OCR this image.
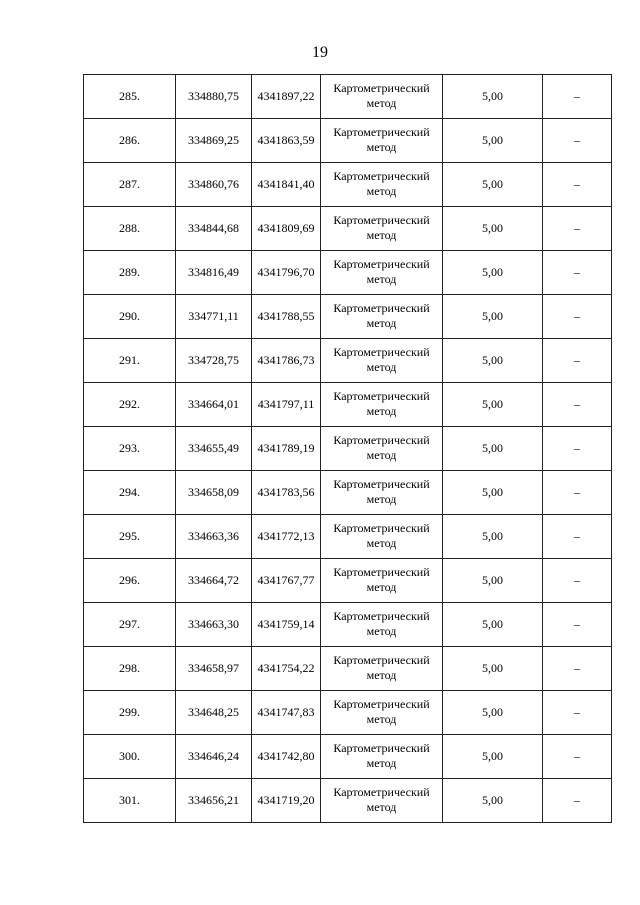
19
285.	334880,75	4341897,22	Картометрический метод	5,00	–
286.	334869,25	4341863,59	Картометрический метод	5,00	–
287.	334860,76	4341841,40	Картометрический метод	5,00	–
288.	334844,68	4341809,69	Картометрический метод	5,00	–
289.	334816,49	4341796,70	Картометрический метод	5,00	–
290.	334771,11	4341788,55	Картометрический метод	5,00	–
291.	334728,75	4341786,73	Картометрический метод	5,00	–
292.	334664,01	4341797,11	Картометрический метод	5,00	–
293.	334655,49	4341789,19	Картометрический метод	5,00	–
294.	334658,09	4341783,56	Картометрический метод	5,00	–
295.	334663,36	4341772,13	Картометрический метод	5,00	–
296.	334664,72	4341767,77	Картометрический метод	5,00	–
297.	334663,30	4341759,14	Картометрический метод	5,00	–
298.	334658,97	4341754,22	Картометрический метод	5,00	–
299.	334648,25	4341747,83	Картометрический метод	5,00	–
300.	334646,24	4341742,80	Картометрический метод	5,00	–
301.	334656,21	4341719,20	Картометрический метод	5,00	–
